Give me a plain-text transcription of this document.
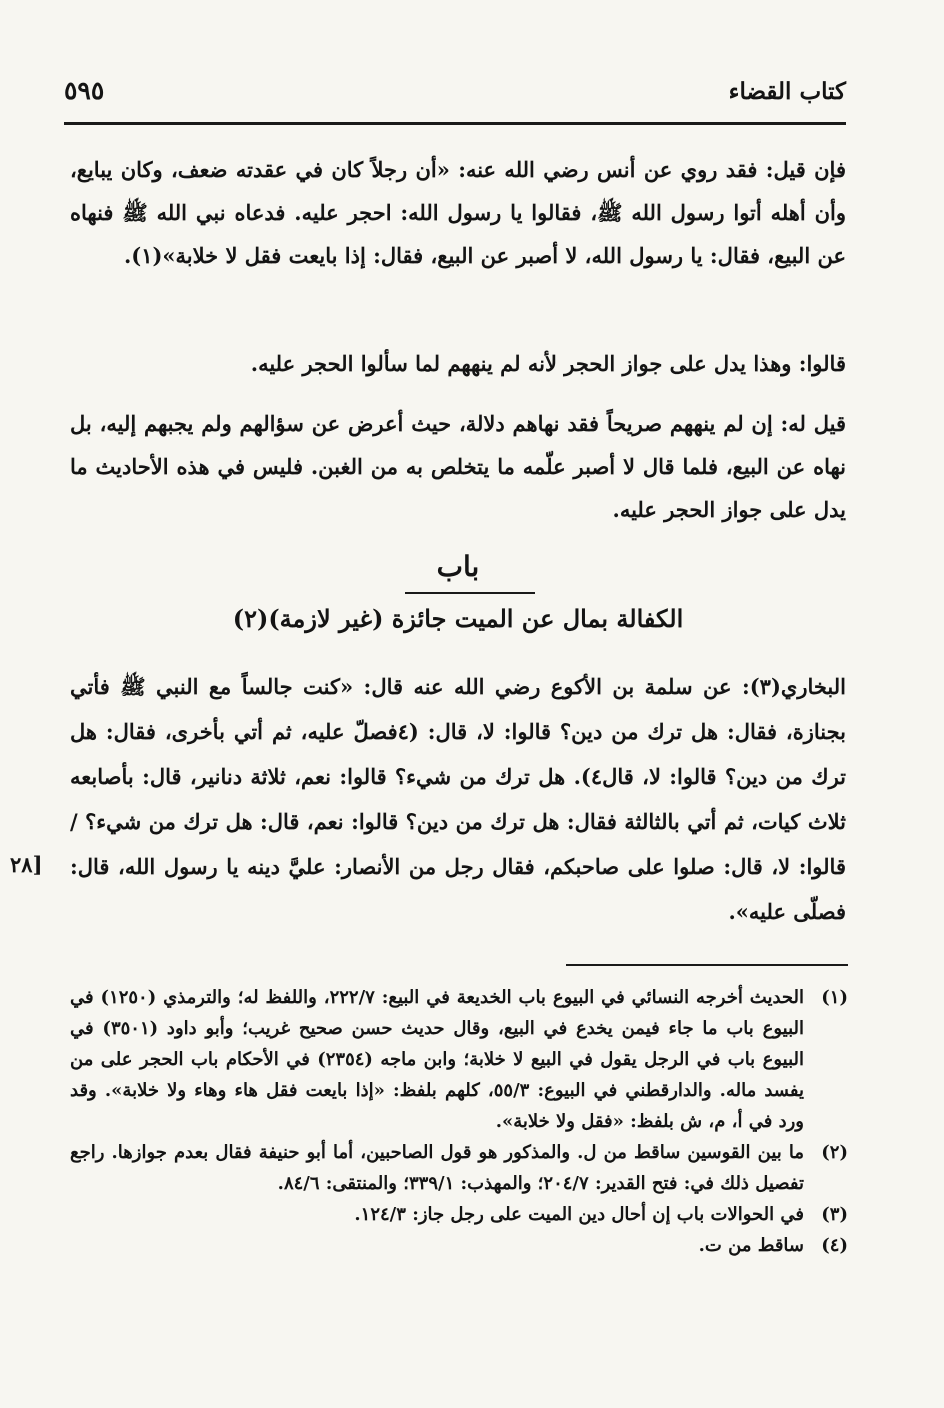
كتاب القضاء
٥٩٥
فإن قيل: فقد روي عن أنس رضي الله عنه: «أن رجلاً كان في عقدته ضعف، وكان يبايع، وأن أهله أتوا رسول الله ﷺ، فقالوا يا رسول الله: احجر عليه. فدعاه نبي الله ﷺ فنهاه عن البيع، فقال: يا رسول الله، لا أصبر عن البيع، فقال: إذا بايعت فقل لا خلابة»(١).
قالوا: وهذا يدل على جواز الحجر لأنه لم ينههم لما سألوا الحجر عليه.
قيل له: إن لم ينههم صريحاً فقد نهاهم دلالة، حيث أعرض عن سؤالهم ولم يجبهم إليه، بل نهاه عن البيع، فلما قال لا أصبر علّمه ما يتخلص به من الغبن. فليس في هذه الأحاديث ما يدل على جواز الحجر عليه.
باب
الكفالة بمال عن الميت جائزة (غير لازمة)(٢)
البخاري(٣): عن سلمة بن الأكوع رضي الله عنه قال: «كنت جالساً مع النبي ﷺ فأتي بجنازة، فقال: هل ترك من دين؟ قالوا: لا، قال: (٤فصلّ عليه، ثم أتي بأخرى، فقال: هل ترك من دين؟ قالوا: لا، قال٤). هل ترك من شيء؟ قالوا: نعم، ثلاثة دنانير، قال: بأصابعه ثلاث كيات، ثم أتي بالثالثة فقال: هل ترك من دين؟ قالوا: نعم، قال: هل ترك من شيء؟ / قالوا: لا، قال: صلوا على صاحبكم، فقال رجل من الأنصار: عليَّ دينه يا رسول الله، قال: فصلّى عليه».
[٢٨
(١)
الحديث أخرجه النسائي في البيوع باب الخديعة في البيع: ٢٢٢/٧، واللفظ له؛ والترمذي (١٢٥٠) في البيوع باب ما جاء فيمن يخدع في البيع، وقال حديث حسن صحيح غريب؛ وأبو داود (٣٥٠١) في البيوع باب في الرجل يقول في البيع لا خلابة؛ وابن ماجه (٢٣٥٤) في الأحكام باب الحجر على من يفسد ماله. والدارقطني في البيوع: ٥٥/٣، كلهم بلفظ: «إذا بايعت فقل هاء وهاء ولا خلابة». وقد ورد في أ، م، ش بلفظ: «فقل ولا خلابة».
(٢)
ما بين القوسين ساقط من ل. والمذكور هو قول الصاحبين، أما أبو حنيفة فقال بعدم جوازها. راجع تفصيل ذلك في: فتح القدير: ٢٠٤/٧؛ والمهذب: ٣٣٩/١؛ والمنتقى: ٨٤/٦.
(٣)
في الحوالات باب إن أحال دين الميت على رجل جاز: ١٢٤/٣.
(٤)
ساقط من ت.
